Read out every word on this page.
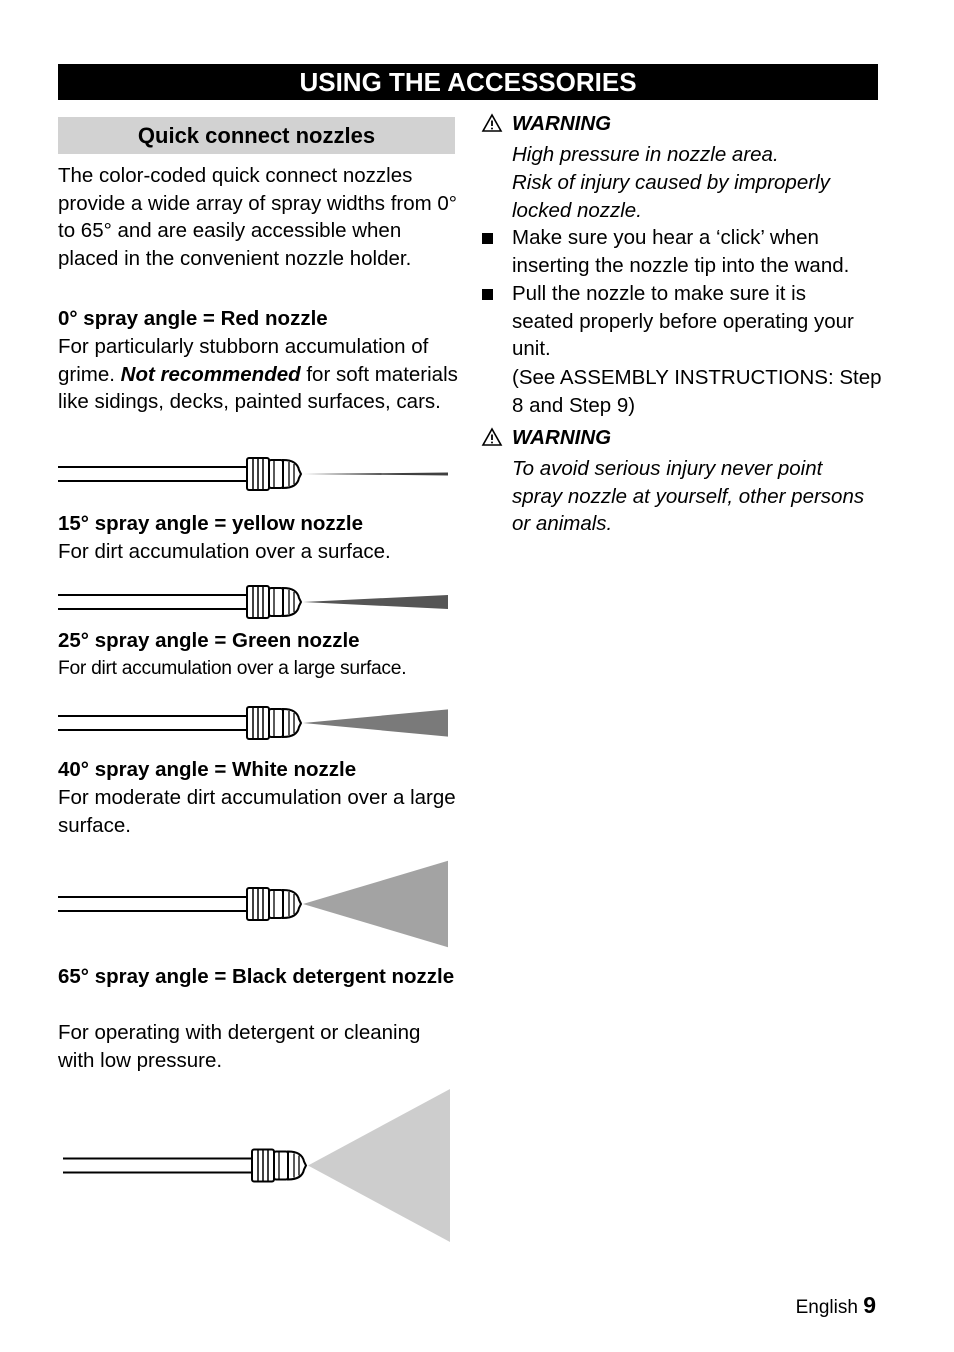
USING THE ACCESSORIES
Quick connect nozzles

The color-coded quick connect nozzles provide a wide array of spray widths from 0° to 65° and are easily accessible when placed in the convenient nozzle holder.

0° spray angle = Red nozzle

For particularly stubborn accumulation of grime. Not recommended for soft materials like sidings, decks, painted surfaces, cars.

15° spray angle = yellow nozzle

For dirt accumulation over a surface.

25° spray angle = Green nozzle

For dirt accumulation over a large surface.

40° spray angle = White nozzle

For moderate dirt accumulation over a large surface.

65° spray angle = Black detergent nozzle

For operating with detergent or cleaning with low pressure.

WARNING
High pressure in nozzle area.
Risk of injury caused by improperly locked nozzle.
Make sure you hear a ‘click’ when inserting the nozzle tip into the wand.
Pull the nozzle to make sure it is seated properly before operating your unit.
(See ASSEMBLY INSTRUCTIONS: Step 8 and Step 9)
WARNING
To avoid serious injury never point spray nozzle at yourself, other persons or animals.
English 9
